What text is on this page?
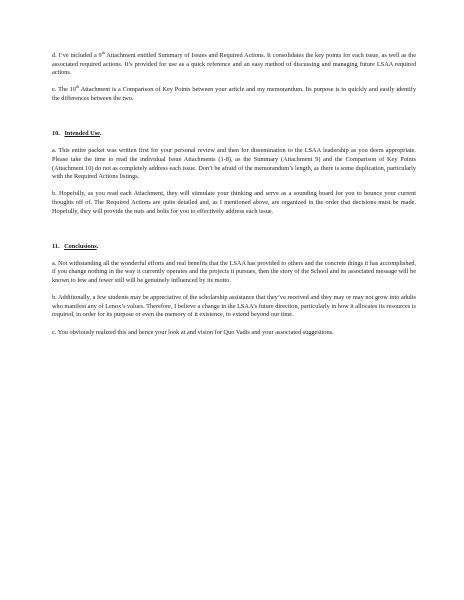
d. I’ve included a 9th Attachment entitled Summary of Issues and Required Actions. It consolidates the key points for each issue, as well as the associated required actions. It’s provided for use as a quick reference and an easy method of discussing and managing future LSAA required actions.

e. The 10th Attachment is a Comparison of Key Points between your article and my memorandum. Its purpose is to quickly and easily identify the differences between the two.

10. Intended Use.

a. This entire packet was written first for your personal review and then for dissemination to the LSAA leadership as you deem appropriate. Please take the time to read the individual Issue Attachments (1-8), as the Summary (Attachment 9) and the Comparison of Key Points (Attachment 10) do not as completely address each issue. Don’t be afraid of the memorandum’s length, as there is some duplication, particularly with the Required Actions listings.

b. Hopefully, as you read each Attachment, they will stimulate your thinking and serve as a sounding board for you to bounce your current thoughts off of. The Required Actions are quite detailed and, as I mentioned above, are organized in the order that decisions must be made. Hopefully, they will provide the nuts and bolts for you to effectively address each issue.

11. Conclusions.

a. Not withstanding all the wonderful efforts and real benefits that the LSAA has provided to others and the concrete things it has accomplished, if you change nothing in the way it currently operates and the projects it pursues, then the story of the School and its associated message will be known to few and fewer still will be genuinely influenced by its motto.

b. Additionally, a few students may be appreciative of the scholarship assistance that they’ve received and they may or may not grow into adults who manifest any of Lenox’s values. Therefore, I believe a change in the LSAA’s future direction, particularly in how it allocates its resources is required, in order for its purpose or even the memory of it existence, to extend beyond our time.

c. You obviously realized this and hence your look at and vision for Quo Vadis and your associated suggestions.
